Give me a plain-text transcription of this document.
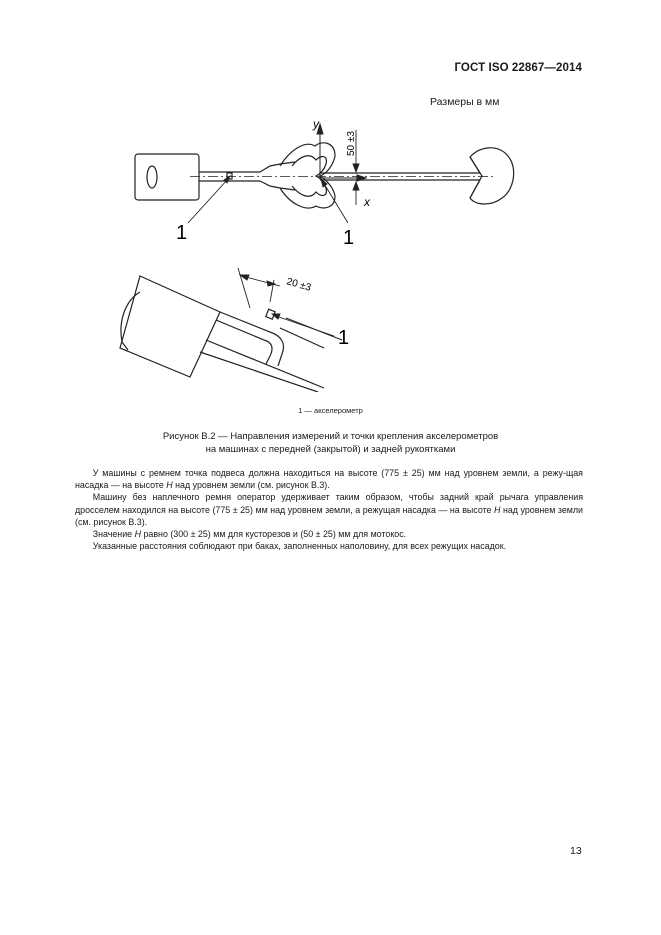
ГОСТ ISO 22867—2014
Размеры в мм
y
x
50 ±3
1	1
20 ±3
1
1 — акселерометр
Рисунок B.2 — Направления измерений и точки крепления акселерометров
на машинах с передней (закрытой) и задней рукоятками

  У машины с ремнем точка подвеса должна находиться на высоте (775 ± 25) мм над уровнем земли, а режу-щая насадка — на высоте H над уровнем земли (см. рисунок B.3).

  Машину без наплечного ремня оператор удерживает таким образом, чтобы задний край рычага управления дросселем находился на высоте (775 ± 25) мм над уровнем земли, а режущая насадка — на высоте H над уровнем земли (см. рисунок B.3).

  Значение H равно (300 ± 25) мм для кусторезов и (50 ± 25) мм для мотокос.

  Указанные расстояния соблюдают при баках, заполненных наполовину, для всех режущих насадок.

13
